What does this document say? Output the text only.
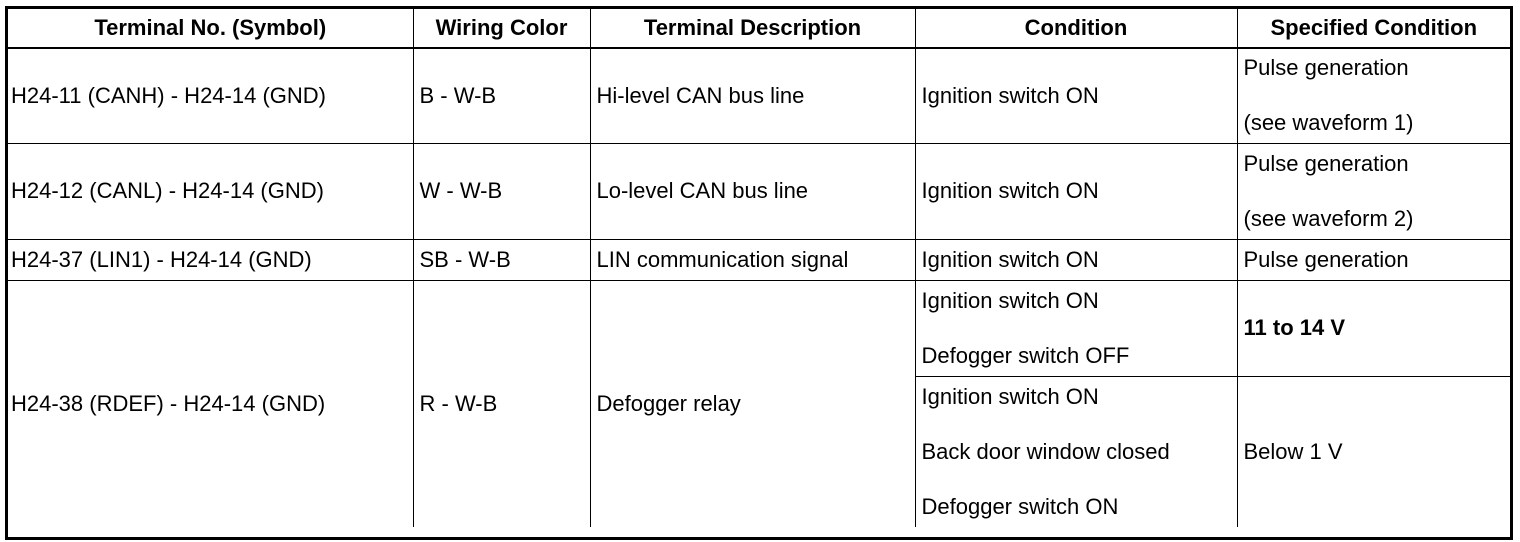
Terminal No. (Symbol)	Wiring Color	Terminal Description	Condition	Specified Condition
H24-11 (CANH) - H24-14 (GND)	B - W-B	Hi-level CAN bus line	Ignition switch ON	Pulse generation
(see waveform 1)

H24-12 (CANL) - H24-14 (GND)	W - W-B	Lo-level CAN bus line	Ignition switch ON	Pulse generation
(see waveform 2)

H24-37 (LIN1) - H24-14 (GND)	SB - W-B	LIN communication signal	Ignition switch ON	Pulse generation

H24-38 (RDEF) - H24-14 (GND)	R - W-B	Defogger relay	Ignition switch ON
Defogger switch OFF	11 to 14 V

			Ignition switch ON
Back door window closed
Defogger switch ON	Below 1 V
